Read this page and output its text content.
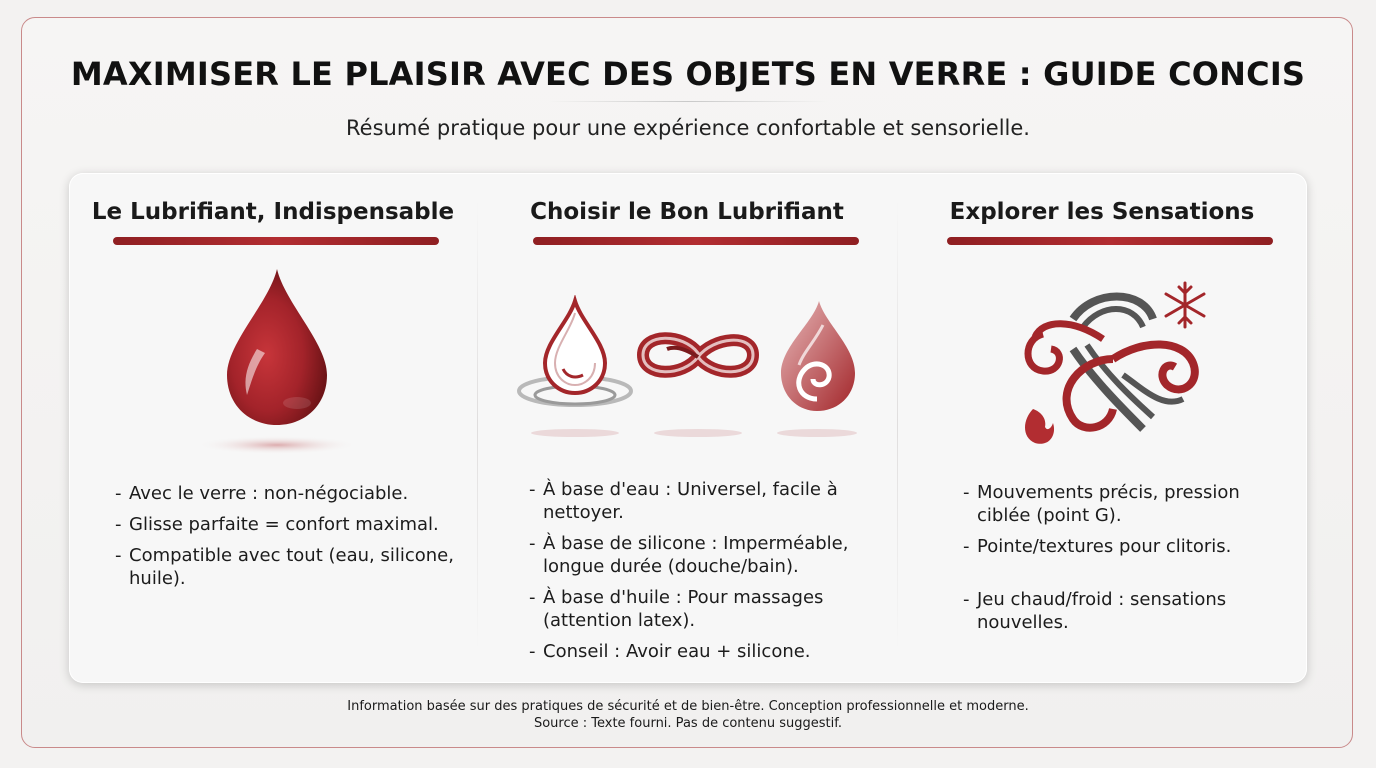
MAXIMISER LE PLAISIR AVEC DES OBJETS EN VERRE : GUIDE CONCIS
Résumé pratique pour une expérience confortable et sensorielle.
Le Lubrifiant, Indispensable
- Avec le verre : non-négociable.
- Glisse parfaite = confort maximal.
- Compatible avec tout (eau, silicone, huile).
Choisir le Bon Lubrifiant
- À base d'eau : Universel, facile à nettoyer.
- À base de silicone : Imperméable, longue durée (douche/bain).
- À base d'huile : Pour massages (attention latex).
- Conseil : Avoir eau + silicone.
Explorer les Sensations
- Mouvements précis, pression ciblée (point G).
- Pointe/textures pour clitoris.
- Jeu chaud/froid : sensations nouvelles.
Information basée sur des pratiques de sécurité et de bien-être. Conception professionnelle et moderne.
Source : Texte fourni. Pas de contenu suggestif.
